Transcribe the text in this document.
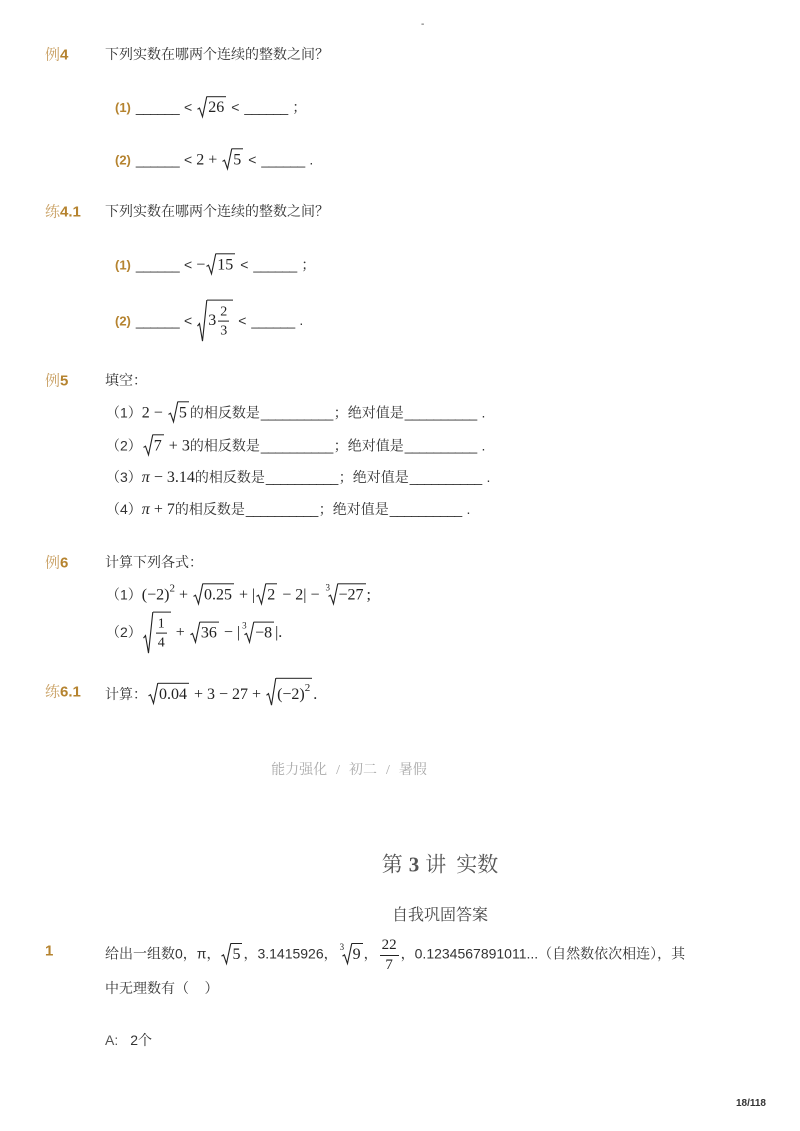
-
例4	下列实数在哪两个连续的整数之间？
(1) ______ < 26 < ______ ；
(2) ______ < 2 + 5 < ______ .
练4.1 下列实数在哪两个连续的整数之间？
(1) ______ < − 15 < ______ ；
(2) ______ < $3 \frac{2}{3}$ < ______ .
例5	填空：
（1）2 − 5 的相反数是__________；绝对值是__________ .
（2） 7 + 3的相反数是__________；绝对值是__________ .
（3）π − 3.14的相反数是__________；绝对值是__________ .
（4）π + 7的相反数是__________；绝对值是__________ .
例6	计算下列各式：
$(1)(-2)^2 + 0.25$ + | 2 − 2| − 3 −27 ;
$(2) \frac{1}{4} + 36$ − | 3 −8 |.
练6.1 计算： $0.04 + 3 - 27 + (-2)^2$ .
能力强化 / 初二 / 暑假
第 3 讲 实数
自我巩固答案
1	给出一组数0，π， 5 ，3.1415926， 3 9 ， $\frac{22}{7}$ ，0.1234567891011...（自然数依次相连），其
中无理数有（    ）
A: 2个
18/118
